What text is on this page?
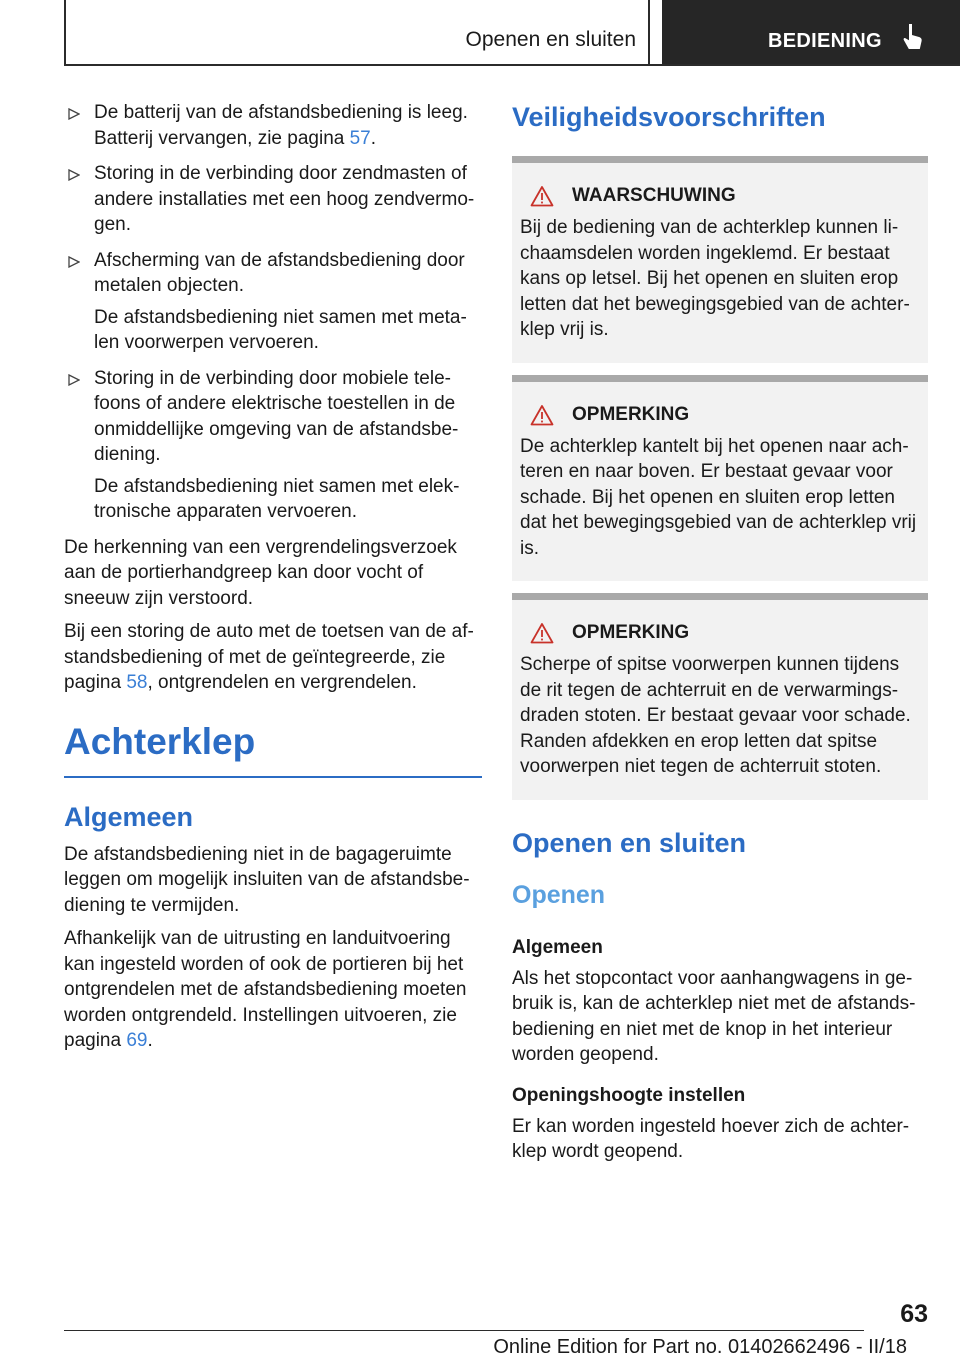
Openen en sluiten	BEDIENING
De batterij van de afstandsbediening is leeg. Batterij vervangen, zie pagina 57.
Storing in de verbinding door zendmasten of andere installaties met een hoog zendvermo-gen.
Afscherming van de afstandsbediening door metalen objecten.
De afstandsbediening niet samen met meta-len voorwerpen vervoeren.
Storing in de verbinding door mobiele tele-foons of andere elektrische toestellen in de onmiddellijke omgeving van de afstandsbe-diening.
De afstandsbediening niet samen met elek-tronische apparaten vervoeren.

De herkenning van een vergrendelingsverzoek aan de portierhandgreep kan door vocht of sneeuw zijn verstoord.

Bij een storing de auto met de toetsen van de af-standsbediening of met de geïntegreerde, zie pagina 58, ontgrendelen en vergrendelen.

Achterklep
Algemeen

De afstandsbediening niet in de bagageruimte leggen om mogelijk insluiten van de afstandsbe-diening te vermijden.

Afhankelijk van de uitrusting en landuitvoering kan ingesteld worden of ook de portieren bij het ontgrendelen met de afstandsbediening moeten worden ontgrendeld. Instellingen uitvoeren, zie pagina 69.

Veiligheidsvoorschriften
WAARSCHUWING

Bij de bediening van de achterklep kunnen li-chaamsdelen worden ingeklemd. Er bestaat kans op letsel. Bij het openen en sluiten erop letten dat het bewegingsgebied van de achter-klep vrij is.

OPMERKING

De achterklep kantelt bij het openen naar ach-teren en naar boven. Er bestaat gevaar voor schade. Bij het openen en sluiten erop letten dat het bewegingsgebied van de achterklep vrij is.

OPMERKING

Scherpe of spitse voorwerpen kunnen tijdens de rit tegen de achterruit en de verwarmings-draden stoten. Er bestaat gevaar voor schade. Randen afdekken en erop letten dat spitse voorwerpen niet tegen de achterruit stoten.

Openen en sluiten
Openen
Algemeen

Als het stopcontact voor aanhangwagens in ge-bruik is, kan de achterklep niet met de afstands-bediening en niet met de knop in het interieur worden geopend.

Openingshoogte instellen

Er kan worden ingesteld hoever zich de achter-klep wordt geopend.

63
Online Edition for Part no. 01402662496 - II/18
